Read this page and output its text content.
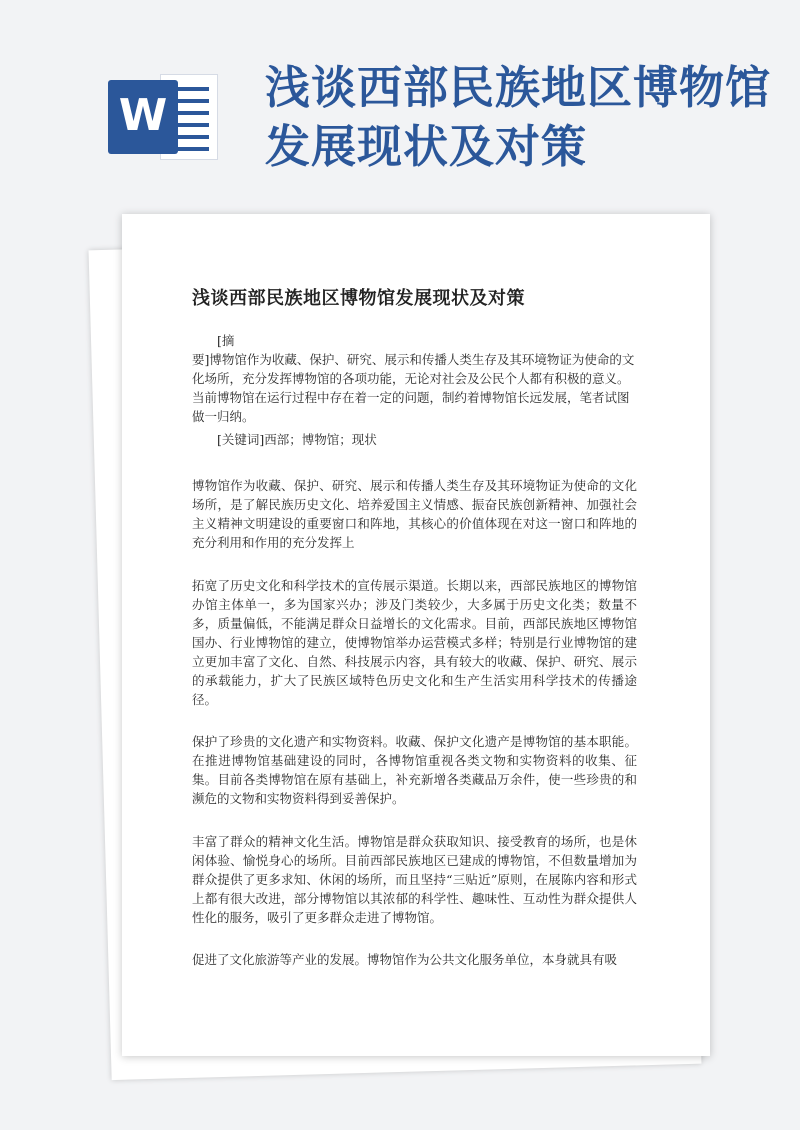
W
浅谈西部民族地区博物馆发展现状及对策
浅谈西部民族地区博物馆发展现状及对策
[摘
要]博物馆作为收藏、保护、研究、展示和传播人类生存及其环境物证为使命的文化场所，充分发挥博物馆的各项功能，无论对社会及公民个人都有积极的意义。当前博物馆在运行过程中存在着一定的问题，制约着博物馆长远发展，笔者试图做一归纳。
[关键词]西部；博物馆；现状
博物馆作为收藏、保护、研究、展示和传播人类生存及其环境物证为使命的文化场所，是了解民族历史文化、培养爱国主义情感、振奋民族创新精神、加强社会主义精神文明建设的重要窗口和阵地，其核心的价值体现在对这一窗口和阵地的充分利用和作用的充分发挥上
拓宽了历史文化和科学技术的宣传展示渠道。长期以来，西部民族地区的博物馆办馆主体单一，多为国家兴办；涉及门类较少，大多属于历史文化类；数量不多，质量偏低，不能满足群众日益增长的文化需求。目前，西部民族地区博物馆国办、行业博物馆的建立，使博物馆举办运营模式多样；特别是行业博物馆的建立更加丰富了文化、自然、科技展示内容，具有较大的收藏、保护、研究、展示的承载能力，扩大了民族区域特色历史文化和生产生活实用科学技术的传播途径。
保护了珍贵的文化遗产和实物资料。收藏、保护文化遗产是博物馆的基本职能。在推进博物馆基础建设的同时，各博物馆重视各类文物和实物资料的收集、征集。目前各类博物馆在原有基础上，补充新增各类藏品万余件，使一些珍贵的和濒危的文物和实物资料得到妥善保护。
丰富了群众的精神文化生活。博物馆是群众获取知识、接受教育的场所，也是休闲体验、愉悦身心的场所。目前西部民族地区已建成的博物馆，不但数量增加为群众提供了更多求知、休闲的场所，而且坚持“三贴近”原则，在展陈内容和形式上都有很大改进，部分博物馆以其浓郁的科学性、趣味性、互动性为群众提供人性化的服务，吸引了更多群众走进了博物馆。
促进了文化旅游等产业的发展。博物馆作为公共文化服务单位，本身就具有吸
